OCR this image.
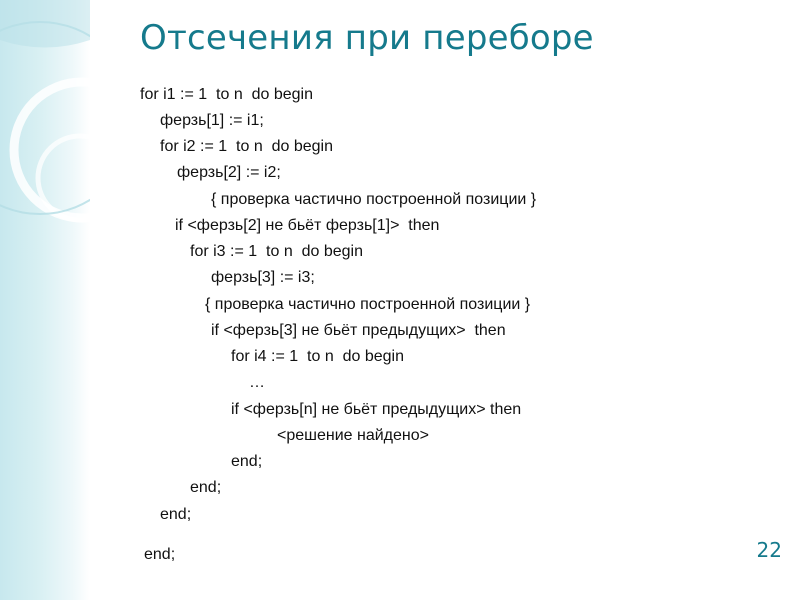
Отсечения при переборе
for i1 := 1  to n  do begin
ферзь[1] := i1;
for i2 := 1  to n  do begin
ферзь[2] := i2;
{ проверка частично построенной позиции }
if <ферзь[2] не бьёт ферзь[1]>  then
for i3 := 1  to n  do begin
ферзь[3] := i3;
{ проверка частично построенной позиции }
if <ферзь[3] не бьёт предыдущих>  then
for i4 := 1  to n  do begin
…
if <ферзь[n] не бьёт предыдущих> then
<решение найдено>
end;
end;
end;
end;	22
